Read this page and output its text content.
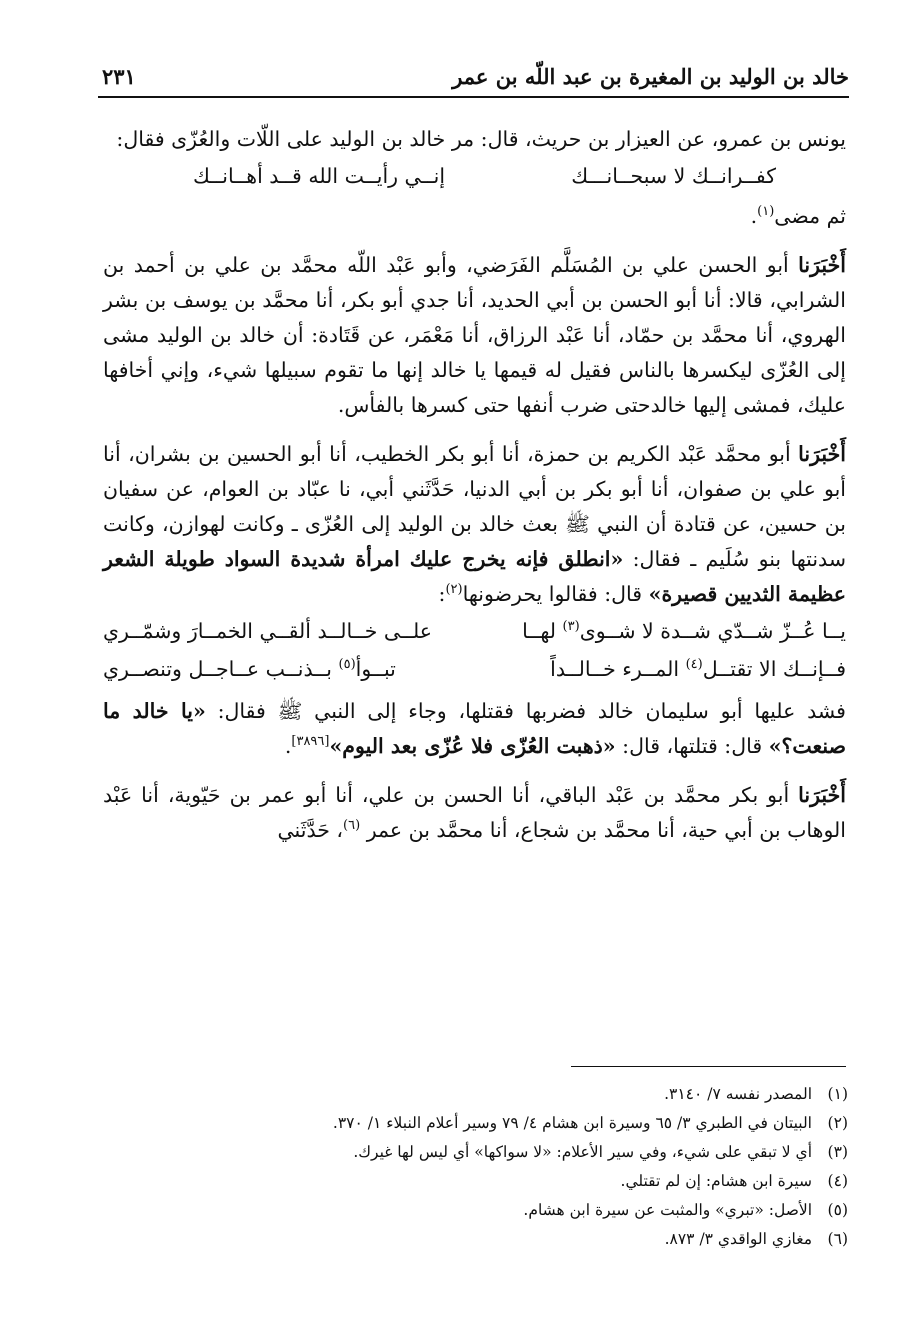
خالد بن الوليد بن المغيرة بن عبد اللّه بن عمر
٢٣١

يونس بن عمرو، عن العيزار بن حريث، قال: مر خالد بن الوليد على اللّات والعُزّى فقال:

كفــرانــك لا سبحــانـــك
إنــي رأيــت الله قــد أهــانــك

ثم مضى$^{(١)}$.

أَخْبَرَنا أبو الحسن علي بن المُسَلَّم الفَرَضي، وأبو عَبْد اللّه محمَّد بن علي بن أحمد بن الشرابي، قالا: أنا أبو الحسن بن أبي الحديد، أنا جدي أبو بكر، أنا محمَّد بن يوسف بن بشر الهروي، أنا محمَّد بن حمّاد، أنا عَبْد الرزاق، أنا مَعْمَر، عن قَتَادة: أن خالد بن الوليد مشى إلى العُزّى ليكسرها بالناس فقيل له قيمها يا خالد إنها ما تقوم سبيلها شيء، وإني أخافها عليك، فمشى إليها خالدحتى ضرب أنفها حتى كسرها بالفأس.

أَخْبَرَنا أبو محمَّد عَبْد الكريم بن حمزة، أنا أبو بكر الخطيب، أنا أبو الحسين بن بشران، أنا أبو علي بن صفوان، أنا أبو بكر بن أبي الدنيا، حَدَّثَني أبي، نا عبّاد بن العوام، عن سفيان بن حسين، عن قتادة أن النبي ﷺ بعث خالد بن الوليد إلى العُزّى ـ وكانت لهوازن، وكانت سدنتها بنو سُلَيم ـ فقال: «انطلق فإنه يخرج عليك امرأة شديدة السواد طويلة الشعر عظيمة الثديين قصيرة» قال: فقالوا يحرضونها$^{(٢)}$:

يــا عُــزّ شــدّي شــدة لا شــوى$^{(٣)}$ لهــا
علــى خــالــد ألقــي الخمــارَ وشمّــري
فــإنــك الا تقتــل$^{(٤)}$ المــرء خــالــداً
تبــوأ$^{(٥)}$ بــذنــب عــاجــل وتنصــري

فشد عليها أبو سليمان خالد فضربها فقتلها، وجاء إلى النبي ﷺ فقال: «يا خالد ما صنعت؟» قال: قتلتها، قال: «ذهبت العُزّى فلا عُزّى بعد اليوم»[٣٨٩٦].

أَخْبَرَنا أبو بكر محمَّد بن عَبْد الباقي، أنا الحسن بن علي، أنا أبو عمر بن حَيّوية، أنا عَبْد الوهاب بن أبي حية، أنا محمَّد بن شجاع، أنا محمَّد بن عمر $^{(٦)}$، حَدَّثَني

(١)
المصدر نفسه ٧/ ٣١٤٠.
(٢)
البيتان في الطبري ٣/ ٦٥ وسيرة ابن هشام ٤/ ٧٩ وسير أعلام النبلاء ١/ ٣٧٠.
(٣)
أي لا تبقي على شيء، وفي سير الأعلام: «لا سواكها» أي ليس لها غيرك.
(٤)
سيرة ابن هشام: إن لم تقتلي.
(٥)
الأصل: «تبري» والمثبت عن سيرة ابن هشام.
(٦)
مغازي الواقدي ٣/ ٨٧٣.
